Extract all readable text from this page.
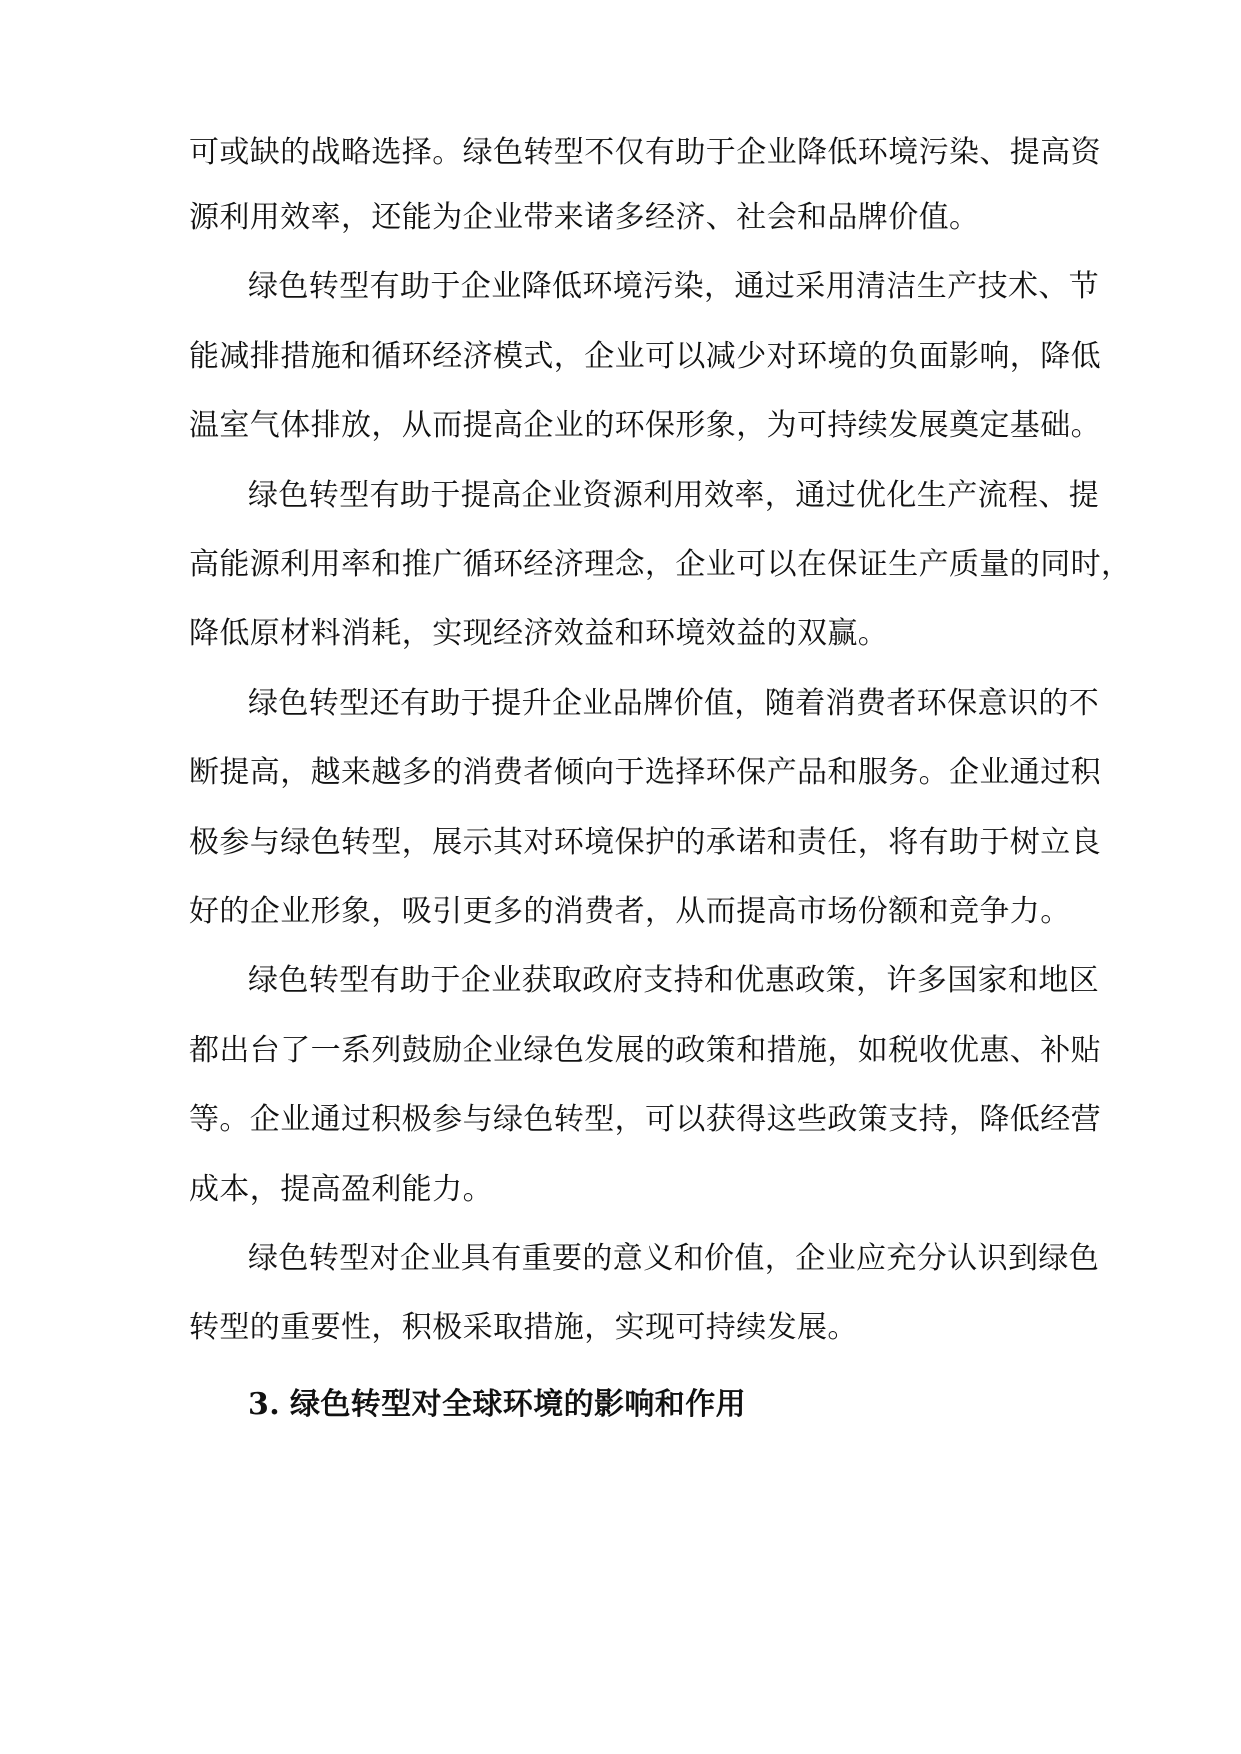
可或缺的战略选择。绿色转型不仅有助于企业降低环境污染、提高资
源利用效率，还能为企业带来诸多经济、社会和品牌价值。
绿色转型有助于企业降低环境污染，通过采用清洁生产技术、节
能减排措施和循环经济模式，企业可以减少对环境的负面影响，降低
温室气体排放，从而提高企业的环保形象，为可持续发展奠定基础。
绿色转型有助于提高企业资源利用效率，通过优化生产流程、提
高能源利用率和推广循环经济理念，企业可以在保证生产质量的同时，
降低原材料消耗，实现经济效益和环境效益的双赢。
绿色转型还有助于提升企业品牌价值，随着消费者环保意识的不
断提高，越来越多的消费者倾向于选择环保产品和服务。企业通过积
极参与绿色转型，展示其对环境保护的承诺和责任，将有助于树立良
好的企业形象，吸引更多的消费者，从而提高市场份额和竞争力。
绿色转型有助于企业获取政府支持和优惠政策，许多国家和地区
都出台了一系列鼓励企业绿色发展的政策和措施，如税收优惠、补贴
等。企业通过积极参与绿色转型，可以获得这些政策支持，降低经营
成本，提高盈利能力。
绿色转型对企业具有重要的意义和价值，企业应充分认识到绿色
转型的重要性，积极采取措施，实现可持续发展。
3. 绿色转型对全球环境的影响和作用
